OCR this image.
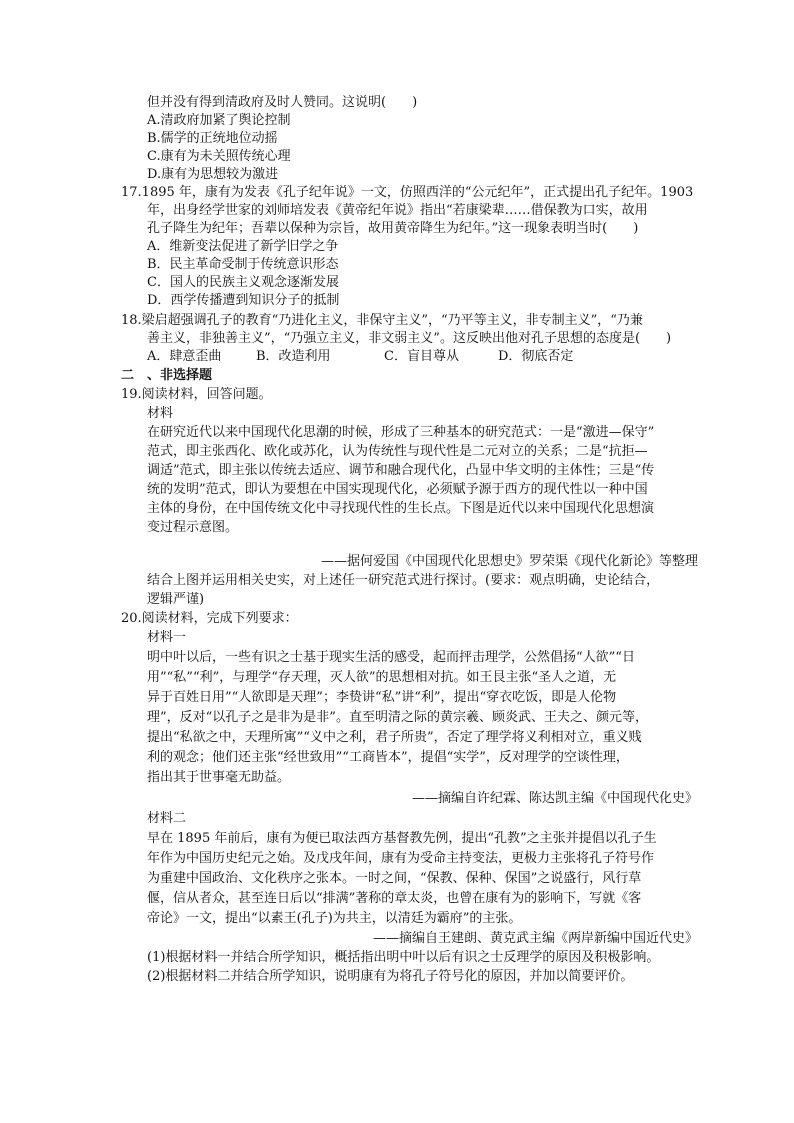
但并没有得到清政府及时人赞同。这说明(　　)
A.清政府加紧了舆论控制
B.儒学的正统地位动摇
C.康有为未关照传统心理
D.康有为思想较为激进
17.1895 年，康有为发表《孔子纪年说》一文，仿照西洋的“公元纪年”，正式提出孔子纪年。1903
年，出身经学世家的刘师培发表《黄帝纪年说》指出“若康梁辈……借保教为口实，故用
孔子降生为纪年；吾辈以保种为宗旨，故用黄帝降生为纪年。”这一现象表明当时(　　)
A．维新变法促进了新学旧学之争
B．民主革命受制于传统意识形态
C．国人的民族主义观念逐渐发展
D．西学传播遭到知识分子的抵制
18.梁启超强调孔子的教育“乃进化主义，非保守主义”，“乃平等主义，非专制主义”，“乃兼
善主义，非独善主义”，“乃强立主义，非文弱主义”。这反映出他对孔子思想的态度是(　　)
A．肆意歪曲	B．改造利用	C．盲目尊从	D．彻底否定
二　、非选择题
19.阅读材料，回答问题。
材料
在研究近代以来中国现代化思潮的时候，形成了三种基本的研究范式：一是“激进—保守”
范式，即主张西化、欧化或苏化，认为传统性与现代性是二元对立的关系；二是“抗拒—
调适”范式，即主张以传统去适应、调节和融合现代化，凸显中华文明的主体性；三是“传
统的发明”范式，即认为要想在中国实现现代化，必须赋予源于西方的现代性以一种中国
主体的身份，在中国传统文化中寻找现代性的生长点。下图是近代以来中国现代化思想演
变过程示意图。
——据何爱国《中国现代化思想史》罗荣渠《现代化新论》等整理
结合上图并运用相关史实，对上述任一研究范式进行探讨。(要求：观点明确，史论结合，
逻辑严谨)
20.阅读材料，完成下列要求：
材料一
明中叶以后，一些有识之士基于现实生活的感受，起而抨击理学，公然倡扬“人欲”“日
用”“私”“利”，与理学“存天理，灭人欲”的思想相对抗。如王艮主张“圣人之道，无
异于百姓日用”“人欲即是天理”；李贽讲“私”讲“利”，提出“穿衣吃饭，即是人伦物
理”，反对“以孔子之是非为是非”。直至明清之际的黄宗羲、顾炎武、王夫之、颜元等，
提出“私欲之中，天理所寓”“义中之利，君子所贵”，否定了理学将义利相对立，重义贱
利的观念；他们还主张“经世致用”“工商皆本”，提倡“实学”，反对理学的空谈性理，
指出其于世事毫无助益。
——摘编自许纪霖、陈达凯主编《中国现代化史》
材料二
早在 1895 年前后，康有为便已取法西方基督教先例，提出“孔教”之主张并提倡以孔子生
年作为中国历史纪元之始。及戊戌年间，康有为受命主持变法，更极力主张将孔子符号作
为重建中国政治、文化秩序之张本。一时之间，“保教、保种、保国”之说盛行，风行草
偃，信从者众，甚至连日后以“排满”著称的章太炎，也曾在康有为的影响下，写就《客
帝论》一文，提出“以素王(孔子)为共主，以清廷为霸府”的主张。
——摘编自王建朗、黄克武主编《两岸新编中国近代史》
(1)根据材料一并结合所学知识，概括指出明中叶以后有识之士反理学的原因及积极影响。
(2)根据材料二并结合所学知识，说明康有为将孔子符号化的原因，并加以简要评价。
